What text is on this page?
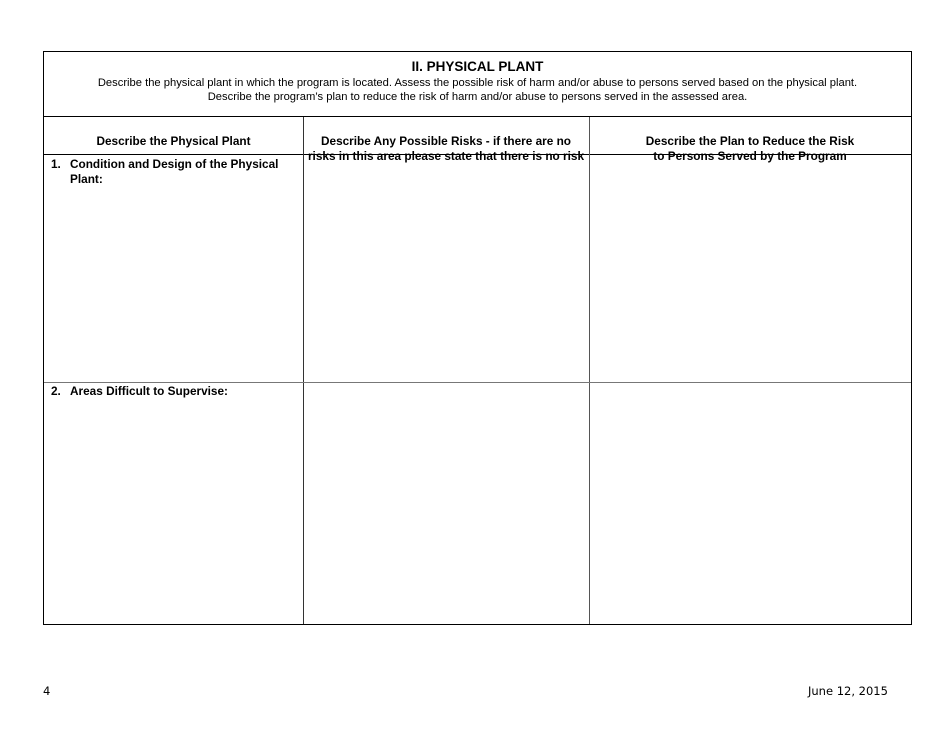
II. PHYSICAL PLANT
Describe the physical plant in which the program is located. Assess the possible risk of harm and/or abuse to persons served based on the physical plant.
Describe the program’s plan to reduce the risk of harm and/or abuse to persons served in the assessed area.

Describe the Physical Plant	Describe Any Possible Risks - if there are no
risks in this area please state that there is no risk

Describe the Plan to Reduce the Risk
to Persons Served by the Program

1. Condition and Design of the Physical Plant:
2. Areas Difficult to Supervise:
4	June 12, 2015
